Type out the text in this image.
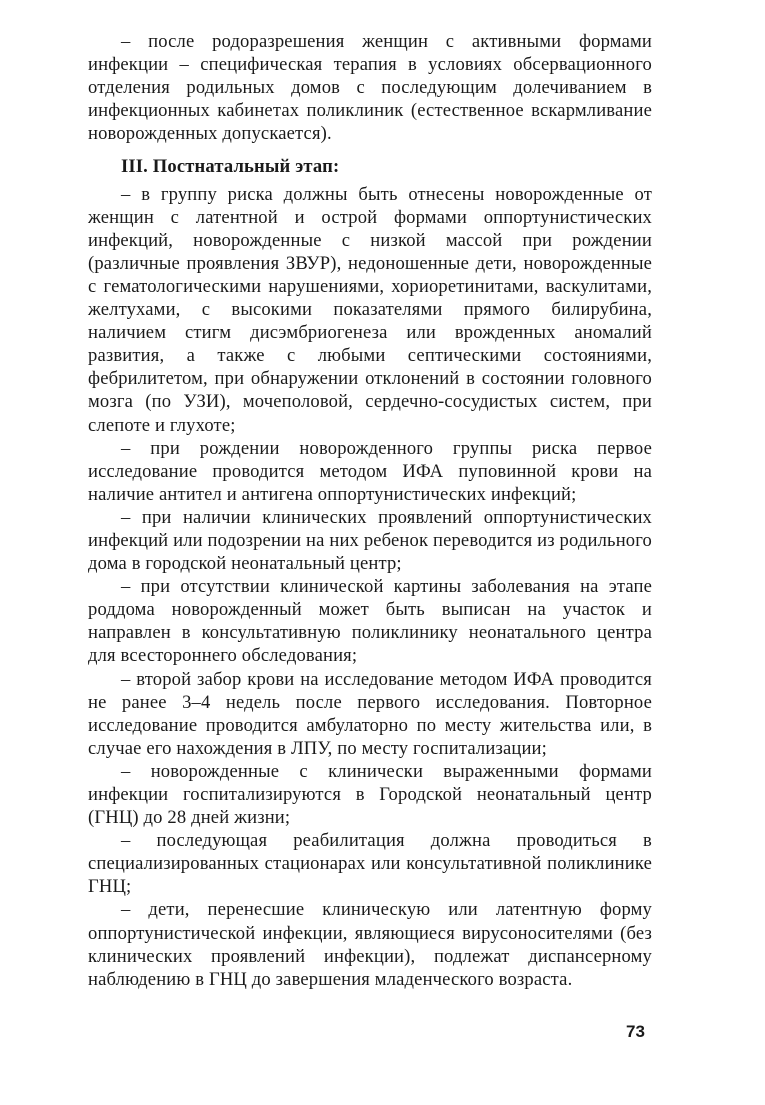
– после родоразрешения женщин с активными формами инфекции – специфическая терапия в условиях обсервационного отделения родильных домов с последующим долечиванием в инфекционных кабинетах поликлиник (естественное вскармливание новорожденных допускается).

III. Постнатальный этап:

– в группу риска должны быть отнесены новорожденные от женщин с латентной и острой формами оппортунистических инфекций, новорожденные с низкой массой при рождении (различные проявления ЗВУР), недоношенные дети, новорожденные с гематологическими нарушениями, хориоретинитами, васкулитами, желтухами, с высокими показателями прямого билирубина, наличием стигм дисэмбриогенеза или врожденных аномалий развития, а также с любыми септическими состояниями, фебрилитетом, при обнаружении отклонений в состоянии головного мозга (по УЗИ), мочеполовой, сердечно-сосудистых систем, при слепоте и глухоте;

– при рождении новорожденного группы риска первое исследование проводится методом ИФА пуповинной крови на наличие антител и антигена оппортунистических инфекций;

– при наличии клинических проявлений оппортунистических инфекций или подозрении на них ребенок переводится из родильного дома в городской неонатальный центр;

– при отсутствии клинической картины заболевания на этапе роддома новорожденный может быть выписан на участок и направлен в консультативную поликлинику неонатального центра для всестороннего обследования;

– второй забор крови на исследование методом ИФА проводится не ранее 3–4 недель после первого исследования. Повторное исследование проводится амбулаторно по месту жительства или, в случае его нахождения в ЛПУ, по месту госпитализации;

– новорожденные с клинически выраженными формами инфекции госпитализируются в Городской неонатальный центр (ГНЦ) до 28 дней жизни;

– последующая реабилитация должна проводиться в специализированных стационарах или консультативной поликлинике ГНЦ;

– дети, перенесшие клиническую или латентную форму оппортунистической инфекции, являющиеся вирусоносителями (без клинических проявлений инфекции), подлежат диспансерному наблюдению в ГНЦ до завершения младенческого возраста.

73
